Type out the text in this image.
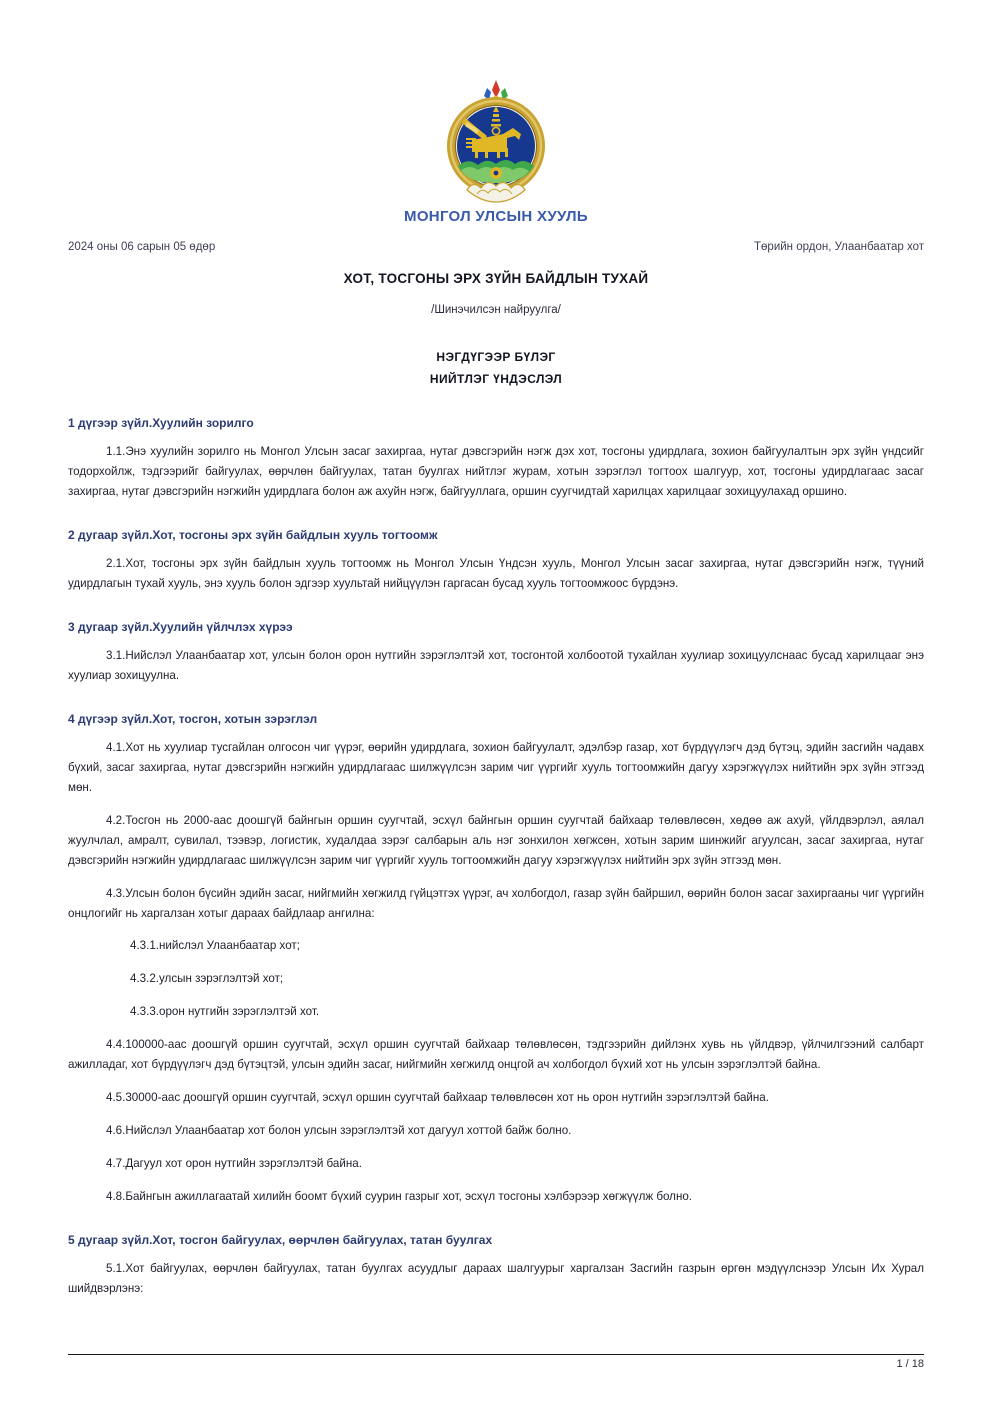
МОНГОЛ УЛСЫН ХУУЛЬ
2024 оны 06 сарын 05 өдөр	Төрийн ордон, Улаанбаатар хот
ХОТ, ТОСГОНЫ ЭРХ ЗҮЙН БАЙДЛЫН ТУХАЙ
/Шинэчилсэн найруулга/
НЭГДҮГЭЭР БҮЛЭГ
НИЙТЛЭГ ҮНДЭСЛЭЛ
1 дүгээр зүйл.Хуулийн зорилго

1.1.Энэ хуулийн зорилго нь Монгол Улсын засаг захиргаа, нутаг дэвсгэрийн нэгж дэх хот, тосгоны удирдлага, зохион байгуулалтын эрх зүйн үндсийг тодорхойлж, тэдгээрийг байгуулах, өөрчлөн байгуулах, татан буулгах нийтлэг журам, хотын зэрэглэл тогтоох шалгуур, хот, тосгоны удирдлагаас засаг захиргаа, нутаг дэвсгэрийн нэгжийн удирдлага болон аж ахуйн нэгж, байгууллага, оршин суугчидтай харилцах харилцааг зохицуулахад оршино.

2 дугаар зүйл.Хот, тосгоны эрх зүйн байдлын хууль тогтоомж

2.1.Хот, тосгоны эрх зүйн байдлын хууль тогтоомж нь Монгол Улсын Үндсэн хууль, Монгол Улсын засаг захиргаа, нутаг дэвсгэрийн нэгж, түүний удирдлагын тухай хууль, энэ хууль болон эдгээр хуультай нийцүүлэн гаргасан бусад хууль тогтоомжоос бүрдэнэ.

3 дугаар зүйл.Хуулийн үйлчлэх хүрээ

3.1.Нийслэл Улаанбаатар хот, улсын болон орон нутгийн зэрэглэлтэй хот, тосгонтой холбоотой тухайлан хуулиар зохицуулснаас бусад харилцааг энэ хуулиар зохицуулна.

4 дүгээр зүйл.Хот, тосгон, хотын зэрэглэл

4.1.Хот нь хуулиар тусгайлан олгосон чиг үүрэг, өөрийн удирдлага, зохион байгуулалт, эдэлбэр газар, хот бүрдүүлэгч дэд бүтэц, эдийн засгийн чадавх бүхий, засаг захиргаа, нутаг дэвсгэрийн нэгжийн удирдлагаас шилжүүлсэн зарим чиг үүргийг хууль тогтоомжийн дагуу хэрэгжүүлэх нийтийн эрх зүйн этгээд мөн.

4.2.Тосгон нь 2000-аас доошгүй байнгын оршин суугчтай, эсхүл байнгын оршин суугчтай байхаар төлөвлөсөн, хөдөө аж ахуй, үйлдвэрлэл, аялал жуулчлал, амралт, сувилал, тээвэр, логистик, худалдаа зэрэг салбарын аль нэг зонхилон хөгжсөн, хотын зарим шинжийг агуулсан, засаг захиргаа, нутаг дэвсгэрийн нэгжийн удирдлагаас шилжүүлсэн зарим чиг үүргийг хууль тогтоомжийн дагуу хэрэгжүүлэх нийтийн эрх зүйн этгээд мөн.

4.3.Улсын болон бүсийн эдийн засаг, нийгмийн хөгжилд гүйцэтгэх үүрэг, ач холбогдол, газар зүйн байршил, өөрийн болон засаг захиргааны чиг үүргийн онцлогийг нь харгалзан хотыг дараах байдлаар ангилна:

4.3.1.нийслэл Улаанбаатар хот;

4.3.2.улсын зэрэглэлтэй хот;

4.3.3.орон нутгийн зэрэглэлтэй хот.

4.4.100000-аас доошгүй оршин суугчтай, эсхүл оршин суугчтай байхаар төлөвлөсөн, тэдгээрийн дийлэнх хувь нь үйлдвэр, үйлчилгээний салбарт ажилладаг, хот бүрдүүлэгч дэд бүтэцтэй, улсын эдийн засаг, нийгмийн хөгжилд онцгой ач холбогдол бүхий хот нь улсын зэрэглэлтэй байна.

4.5.30000-аас доошгүй оршин суугчтай, эсхүл оршин суугчтай байхаар төлөвлөсөн хот нь орон нутгийн зэрэглэлтэй байна.

4.6.Нийслэл Улаанбаатар хот болон улсын зэрэглэлтэй хот дагуул хоттой байж болно.

4.7.Дагуул хот орон нутгийн зэрэглэлтэй байна.

4.8.Байнгын ажиллагаатай хилийн боомт бүхий суурин газрыг хот, эсхүл тосгоны хэлбэрээр хөгжүүлж болно.

5 дугаар зүйл.Хот, тосгон байгуулах, өөрчлөн байгуулах, татан буулгах

5.1.Хот байгуулах, өөрчлөн байгуулах, татан буулгах асуудлыг дараах шалгуурыг харгалзан Засгийн газрын өргөн мэдүүлснээр Улсын Их Хурал шийдвэрлэнэ:

1 / 18
